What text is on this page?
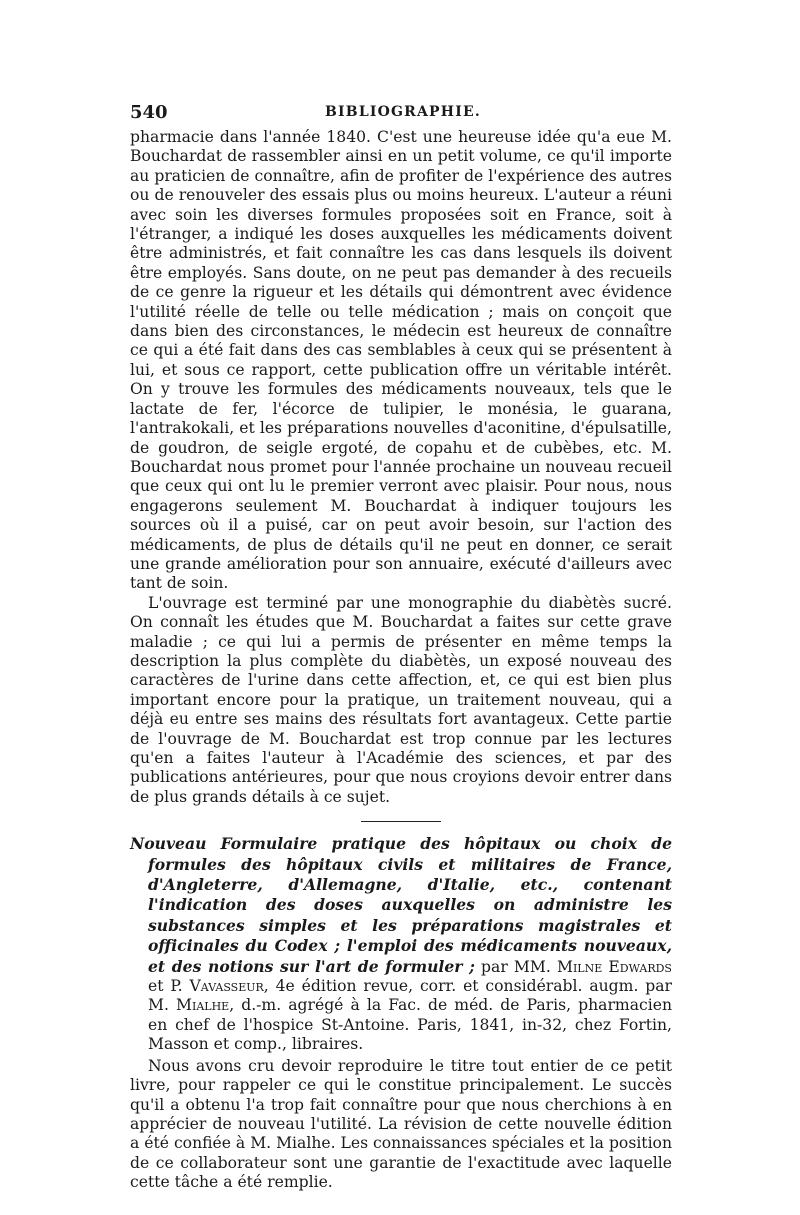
540	BIBLIOGRAPHIE.

pharmacie dans l'année 1840. C'est une heureuse idée qu'a eue M. Bouchardat de rassembler ainsi en un petit volume, ce qu'il importe au praticien de connaître, afin de profiter de l'expérience des autres ou de renouveler des essais plus ou moins heureux. L'auteur a réuni avec soin les diverses formules proposées soit en France, soit à l'étranger, a indiqué les doses auxquelles les médicaments doivent être administrés, et fait connaître les cas dans lesquels ils doivent être employés. Sans doute, on ne peut pas demander à des recueils de ce genre la rigueur et les détails qui démontrent avec évidence l'utilité réelle de telle ou telle médication ; mais on conçoit que dans bien des circonstances, le médecin est heureux de connaître ce qui a été fait dans des cas semblables à ceux qui se présentent à lui, et sous ce rapport, cette publication offre un véritable intérêt. On y trouve les formules des médicaments nouveaux, tels que le lactate de fer, l'écorce de tulipier, le monésia, le guarana, l'antrakokali, et les préparations nouvelles d'aconitine, d'épulsatille, de goudron, de seigle ergoté, de copahu et de cubèbes, etc. M. Bouchardat nous promet pour l'année prochaine un nouveau recueil que ceux qui ont lu le premier verront avec plaisir. Pour nous, nous engagerons seulement M. Bouchardat à indiquer toujours les sources où il a puisé, car on peut avoir besoin, sur l'action des médicaments, de plus de détails qu'il ne peut en donner, ce serait une grande amélioration pour son annuaire, exécuté d'ailleurs avec tant de soin.

L'ouvrage est terminé par une monographie du diabètès sucré. On connaît les études que M. Bouchardat a faites sur cette grave maladie ; ce qui lui a permis de présenter en même temps la description la plus complète du diabètès, un exposé nouveau des caractères de l'urine dans cette affection, et, ce qui est bien plus important encore pour la pratique, un traitement nouveau, qui a déjà eu entre ses mains des résultats fort avantageux. Cette partie de l'ouvrage de M. Bouchardat est trop connue par les lectures qu'en a faites l'auteur à l'Académie des sciences, et par des publications antérieures, pour que nous croyions devoir entrer dans de plus grands détails à ce sujet.

Nouveau Formulaire pratique des hôpitaux ou choix de formules des hôpitaux civils et militaires de France, d'Angleterre, d'Allemagne, d'Italie, etc., contenant l'indication des doses auxquelles on administre les substances simples et les préparations magistrales et officinales du Codex ; l'emploi des médicaments nouveaux, et des notions sur l'art de formuler ; par MM. Milne Edwards et P. Vavasseur, 4e édition revue, corr. et considérabl. augm. par M. Mialhe, d.-m. agrégé à la Fac. de méd. de Paris, pharmacien en chef de l'hospice St-Antoine. Paris, 1841, in-32, chez Fortin, Masson et comp., libraires.

Nous avons cru devoir reproduire le titre tout entier de ce petit livre, pour rappeler ce qui le constitue principalement. Le succès qu'il a obtenu l'a trop fait connaître pour que nous cherchions à en apprécier de nouveau l'utilité. La révision de cette nouvelle édition a été confiée à M. Mialhe. Les connaissances spéciales et la position de ce collaborateur sont une garantie de l'exactitude avec laquelle cette tâche a été remplie.
